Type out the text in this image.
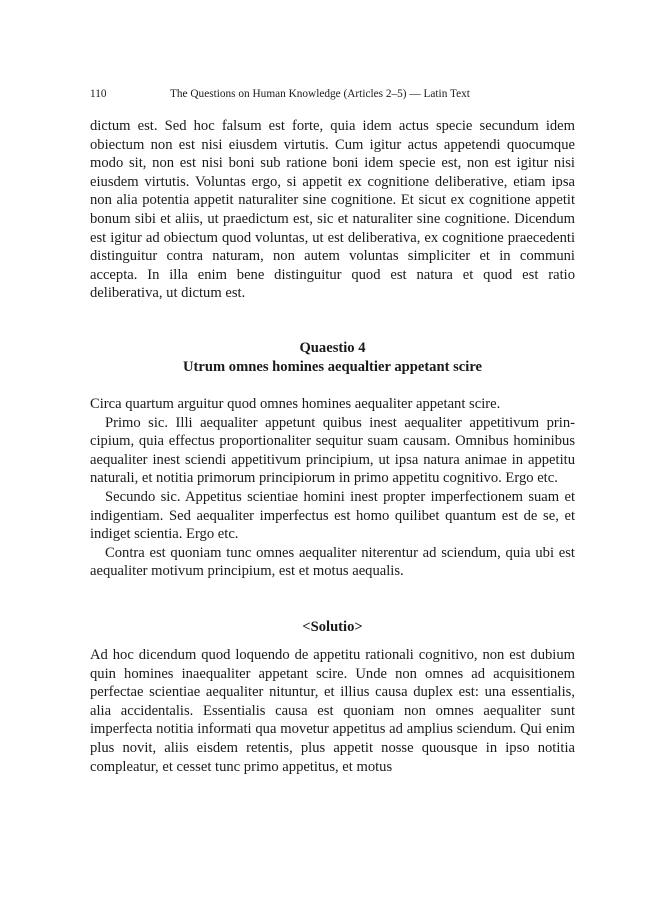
110	The Questions on Human Knowledge (Articles 2–5) — Latin Text

dictum est. Sed hoc falsum est forte, quia idem actus specie secundum idem obiectum non est nisi eiusdem virtutis. Cum igitur actus appetendi quocumque modo sit, non est nisi boni sub ratione boni idem specie est, non est igitur nisi eiusdem virtutis. Voluntas ergo, si appetit ex cognitione deliberative, etiam ipsa non alia potentia appetit naturaliter sine cognitione. Et sicut ex cognitione appetit bonum sibi et aliis, ut praedictum est, sic et naturaliter sine cognitione. Dicendum est igitur ad obiectum quod voluntas, ut est deliberativa, ex cognitione praecedenti distinguitur contra naturam, non autem voluntas simpliciter et in communi accepta. In illa enim bene distinguitur quod est natura et quod est ratio deliberativa, ut dictum est.

Quaestio 4
Utrum omnes homines aequaltier appetant scire

Circa quartum arguitur quod omnes homines aequaliter appetant scire.

Primo sic. Illi aequaliter appetunt quibus inest aequaliter appetitivum principium, quia effectus proportionaliter sequitur suam causam. Omnibus hominibus aequaliter inest sciendi appetitivum principium, ut ipsa natura animae in appetitu naturali, et notitia primorum principiorum in primo appetitu cognitivo. Ergo etc.

Secundo sic. Appetitus scientiae homini inest propter imperfectionem suam et indigentiam. Sed aequaliter imperfectus est homo quilibet quantum est de se, et indiget scientia. Ergo etc.

Contra est quoniam tunc omnes aequaliter niterentur ad sciendum, quia ubi est aequaliter motivum principium, est et motus aequalis.

<Solutio>

Ad hoc dicendum quod loquendo de appetitu rationali cognitivo, non est dubium quin homines inaequaliter appetant scire. Unde non omnes ad acquisitionem perfectae scientiae aequaliter nituntur, et illius causa duplex est: una essentialis, alia accidentalis. Essentialis causa est quoniam non omnes aequaliter sunt imperfecta notitia informati qua movetur appetitus ad amplius sciendum. Qui enim plus novit, aliis eisdem retentis, plus appetit nosse quousque in ipso notitia compleatur, et cesset tunc primo appetitus, et motus
